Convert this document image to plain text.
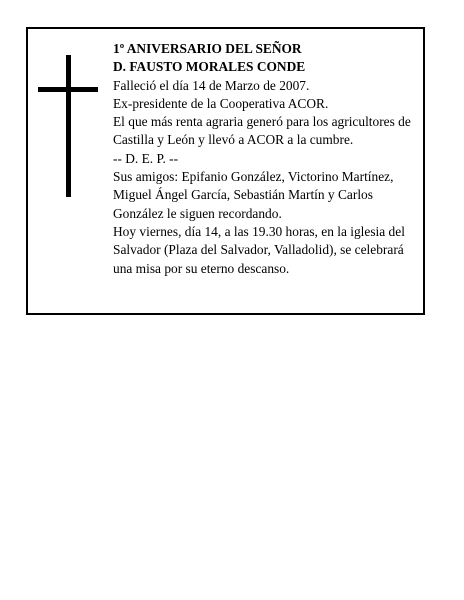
1º ANIVERSARIO DEL SEÑOR

D. FAUSTO MORALES CONDE

Falleció el día 14 de Marzo de 2007.

Ex-presidente de la Cooperativa ACOR.

El que más renta agraria generó para los agricultores de Castilla y León y llevó a ACOR a la cumbre.

-- D. E. P. --

Sus amigos: Epifanio González, Victorino Martínez, Miguel Ángel García, Sebastián Martín y Carlos González le siguen recordando.

Hoy viernes, día 14, a las 19.30 horas, en la iglesia del Salvador (Plaza del Salvador, Valladolid), se celebrará una misa por su eterno descanso.
